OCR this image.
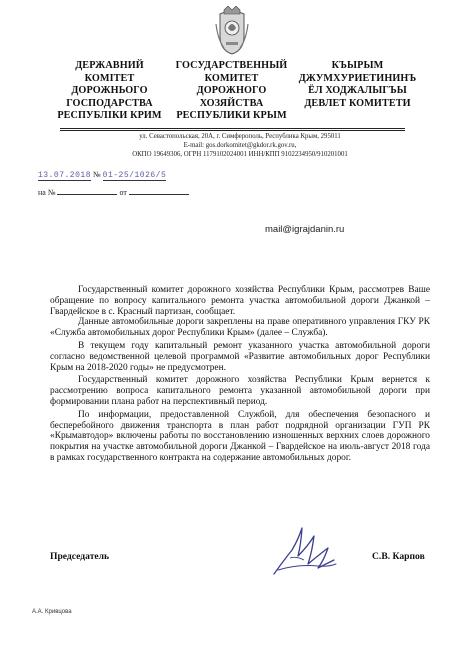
ДЕРЖАВНИЙ
КОМІТЕТ
ДОРОЖНЬОГО
ГОСПОДАРСТВА
РЕСПУБЛІКИ КРИМ
ГОСУДАРСТВЕННЫЙ
КОМИТЕТ
ДОРОЖНОГО
ХОЗЯЙСТВА
РЕСПУБЛИКИ КРЫМ
КЪЫРЫМ
ДЖУМХУРИЕТИНИНЪ
ЁЛ ХОДЖАЛЫГЪЫ
ДЕВЛЕТ КОМИТЕТИ
ул. Севастопольская, 20А, г. Симферополь, Республика Крым, 295011
E-mail: gos.dorkomitet@gkdor.rk.gov.ru,
ОКПО 19649306, ОГРН 1179102024001 ИНН/КПП 9102234950/910201001
13.07.2018 № 01-25/1026/5
на №	от
mail@igrajdanin.ru

Государственный комитет дорожного хозяйства Республики Крым, рассмотрев Ваше обращение по вопросу капитального ремонта участка автомобильной дороги Джанкой – Гвардейское в с. Красный партизан, сообщает.

Данные автомобильные дороги закреплены на праве оперативного управления ГКУ РК «Служба автомобильных дорог Республики Крым» (далее – Служба).

В текущем году капитальный ремонт указанного участка автомобильной дороги согласно ведомственной целевой программой «Развитие автомобильных дорог Республики Крым на 2018-2020 годы» не предусмотрен.

Государственный комитет дорожного хозяйства Республики Крым вернется к рассмотрению вопроса капитального ремонта указанной автомобильной дороги при формировании плана работ на перспективный период.

По информации, предоставленной Службой, для обеспечения безопасного и бесперебойного движения транспорта в план работ подрядной организации ГУП РК «Крымавтодор» включены работы по восстановлению изношенных верхних слоев дорожного покрытия на участке автомобильной дороги Джанкой – Гвардейское на июль-август 2018 года в рамках государственного контракта на содержание автомобильных дорог.

Председатель	С.В. Карпов
А.А. Кривцова
